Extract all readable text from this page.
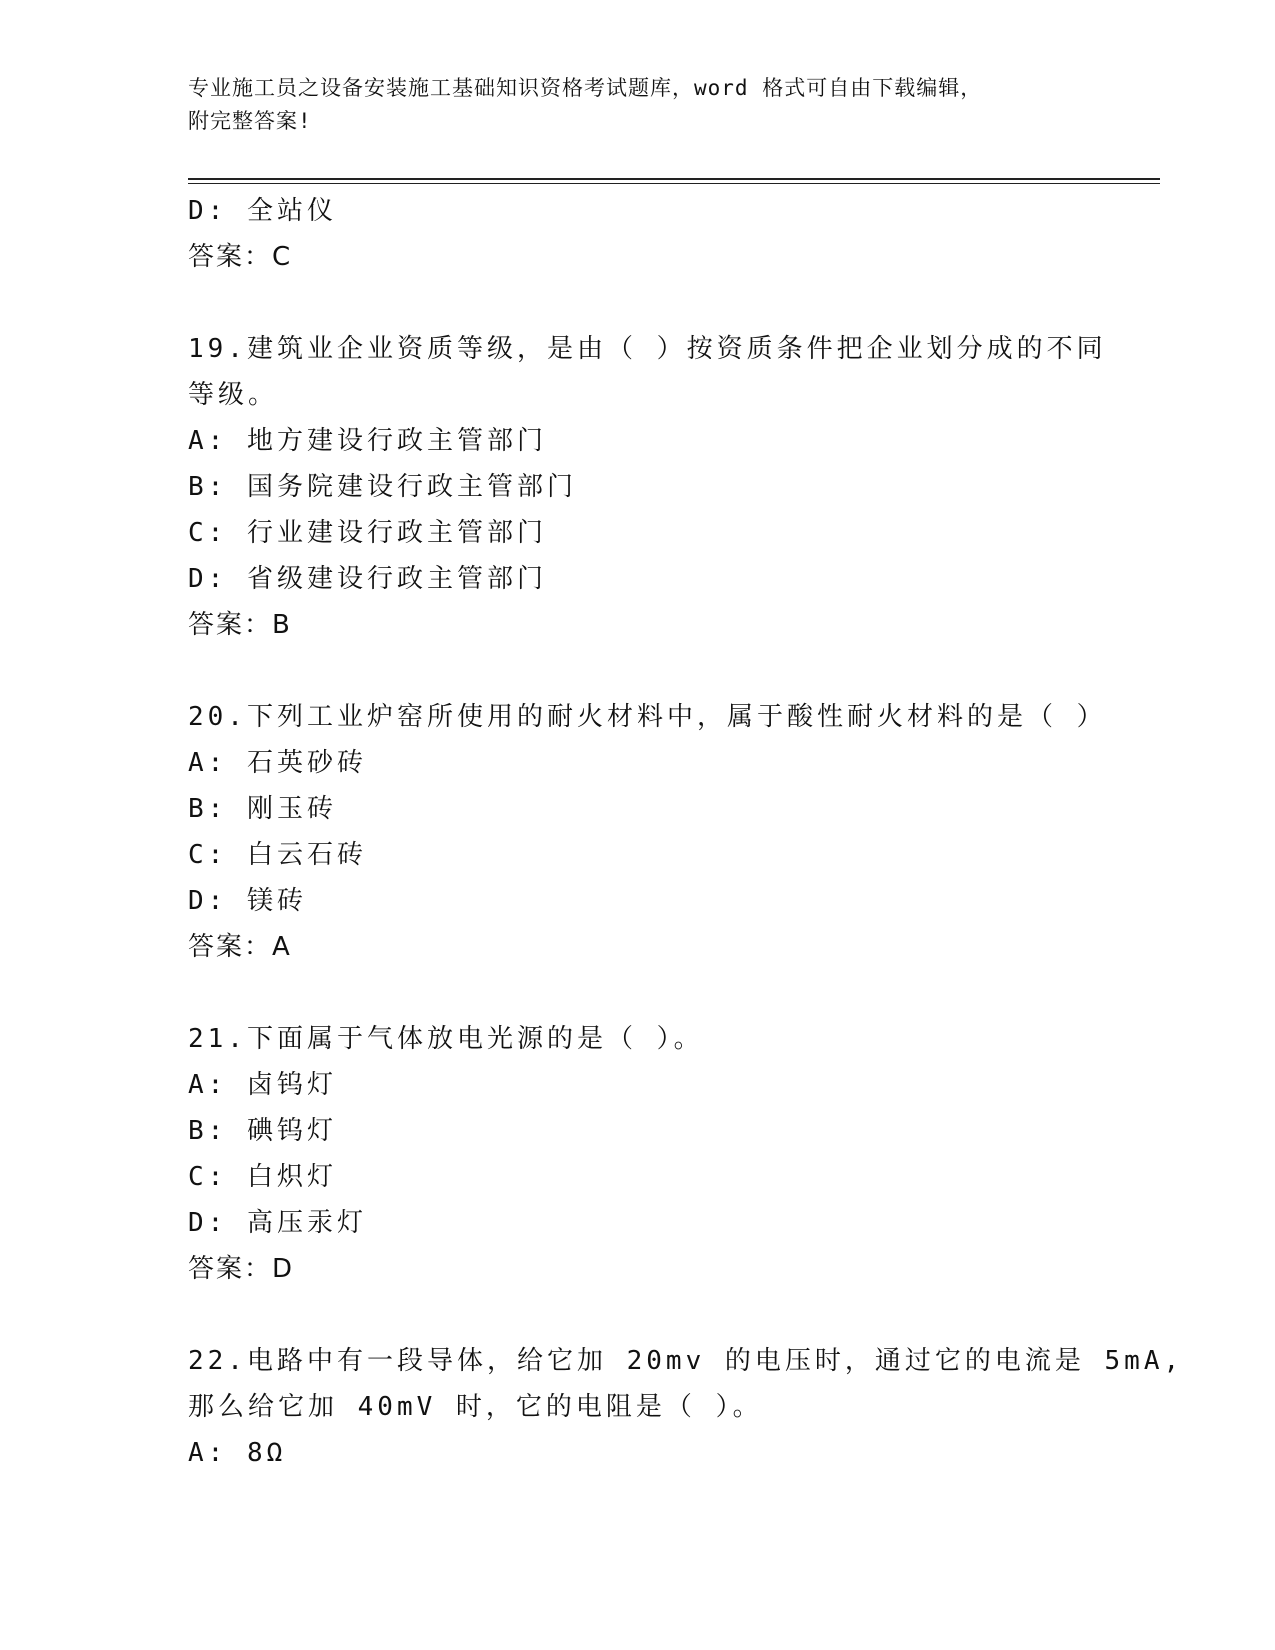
专业施工员之设备安装施工基础知识资格考试题库，word 格式可自由下载编辑，
附完整答案!
D: 全站仪
答案：C
19.建筑业企业资质等级，是由（ ）按资质条件把企业划分成的不同
等级。
A: 地方建设行政主管部门
B: 国务院建设行政主管部门
C: 行业建设行政主管部门
D: 省级建设行政主管部门
答案：B
20.下列工业炉窑所使用的耐火材料中，属于酸性耐火材料的是（ ）
A: 石英砂砖
B: 刚玉砖
C: 白云石砖
D: 镁砖
答案：A
21.下面属于气体放电光源的是（ ）。
A: 卤钨灯
B: 碘钨灯
C: 白炽灯
D: 高压汞灯
答案：D
22.电路中有一段导体，给它加 20mv 的电压时，通过它的电流是 5mA,
那么给它加 40mV 时，它的电阻是（ ）。
A: 8Ω
